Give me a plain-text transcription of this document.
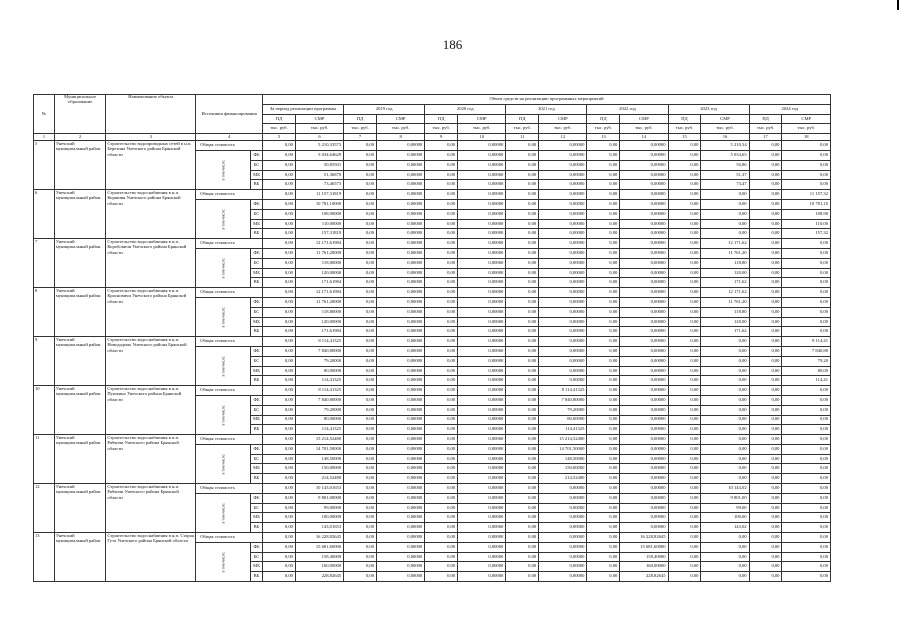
186
№	Муниципальное образование	Наименование объекта	Источники финансирования		Объем средств на реализацию программных мероприятий													
					За период реализации программы		2019 год		2020 год		2021 год		2022 год		2023 год		2024 год	
					ПД	СМР	ПД	СМР	ПД	СМР	ПД	СМР	ПД	СМР	ПД	СМР	ПД	СМР
					тыс. руб.	тыс. руб.	тыс. руб.	тыс. руб.	тыс. руб.	тыс. руб.	тыс. руб.	тыс. руб.	тыс. руб.	тыс. руб.	тыс. руб.	тыс. руб.	тыс. руб.	тыс. руб.
1	2	3	4		5	6	7	8	9	10	11	12	13	14	15	16	17	18
5	Унечский муниципальный район	Строительство водопроводных сетей в н.п. Березина Унечского района Брянской области	Общая стоимость		0,00	5 210,33573	0,00	0,00000	0,00	0,00000	0,00	0,00000	0,00	0,00000	0,00	5 210,34	0,00	0,00
			в том числе:	ФБ	0,00	5 034,64629	0,00	0,00000	0,00	0,00000	0,00	0,00000	0,00	0,00000	0,00	5 034,65	0,00	0,00
				БС	0,00	50,85501	0,00	0,00000	0,00	0,00000	0,00	0,00000	0,00	0,00000	0,00	50,86	0,00	0,00
				МБ	0,00	51,36870	0,00	0,00000	0,00	0,00000	0,00	0,00000	0,00	0,00000	0,00	51,37	0,00	0,00
				ВБ	0,00	73,46573	0,00	0,00000	0,00	0,00000	0,00	0,00000	0,00	0,00000	0,00	73,47	0,00	0,00
6	Унечский муниципальный район	Строительство водоснабжения в н.п. Коршиня Унечского района Брянской области	Общая стоимость		0,00	11 157,31819	0,00	0,00000	0,00	0,00000	0,00	0,00000	0,00	0,00000	0,00	0,00	0,00	11 157,32
			в том числе:	ФБ	0,00	10 781,10000	0,00	0,00000	0,00	0,00000	0,00	0,00000	0,00	0,00000	0,00	0,00	0,00	10 781,10
				БС	0,00	108,90000	0,00	0,00000	0,00	0,00000	0,00	0,00000	0,00	0,00000	0,00	0,00	0,00	108,90
				МБ	0,00	110,00000	0,00	0,00000	0,00	0,00000	0,00	0,00000	0,00	0,00000	0,00	0,00	0,00	110,00
				ВБ	0,00	157,31819	0,00	0,00000	0,00	0,00000	0,00	0,00000	0,00	0,00000	0,00	0,00	0,00	157,32
7	Унечский муниципальный район	Строительство водоснабжения в н.п. Коробовичи Унечского района Брянской области	Общая стоимость		0,00	12 171,61984	0,00	0,00000	0,00	0,00000	0,00	0,00000	0,00	0,00000	0,00	12 171,62	0,00	0,00
			в том числе:	ФБ	0,00	11 761,20000	0,00	0,00000	0,00	0,00000	0,00	0,00000	0,00	0,00000	0,00	11 761,20	0,00	0,00
				БС	0,00	118,80000	0,00	0,00000	0,00	0,00000	0,00	0,00000	0,00	0,00000	0,00	118,80	0,00	0,00
				МБ	0,00	120,00000	0,00	0,00000	0,00	0,00000	0,00	0,00000	0,00	0,00000	0,00	120,00	0,00	0,00
				ВБ	0,00	171,61984	0,00	0,00000	0,00	0,00000	0,00	0,00000	0,00	0,00000	0,00	171,62	0,00	0,00
8	Унечский муниципальный район	Строительство водоснабжения в н.п. Красновичи Унечского района Брянской области	Общая стоимость		0,00	12 171,61984	0,00	0,00000	0,00	0,00000	0,00	0,00000	0,00	0,00000	0,00	12 171,62	0,00	0,00
			в том числе:	ФБ	0,00	11 761,20000	0,00	0,00000	0,00	0,00000	0,00	0,00000	0,00	0,00000	0,00	11 761,20	0,00	0,00
				БС	0,00	118,80000	0,00	0,00000	0,00	0,00000	0,00	0,00000	0,00	0,00000	0,00	118,80	0,00	0,00
				МБ	0,00	120,00000	0,00	0,00000	0,00	0,00000	0,00	0,00000	0,00	0,00000	0,00	120,00	0,00	0,00
				ВБ	0,00	171,61984	0,00	0,00000	0,00	0,00000	0,00	0,00000	0,00	0,00000	0,00	171,62	0,00	0,00
9	Унечский муниципальный район	Строительство водоснабжения в н.п. Новододино Унечского района Брянской области	Общая стоимость		0,00	8 114,41325	0,00	0,00000	0,00	0,00000	0,00	0,00000	0,00	0,00000	0,00	0,00	0,00	8 114,41
			в том числе:	ФБ	0,00	7 840,80000	0,00	0,00000	0,00	0,00000	0,00	0,00000	0,00	0,00000	0,00	0,00	0,00	7 840,80
				БС	0,00	79,20000	0,00	0,00000	0,00	0,00000	0,00	0,00000	0,00	0,00000	0,00	0,00	0,00	79,20
				МБ	0,00	80,00000	0,00	0,00000	0,00	0,00000	0,00	0,00000	0,00	0,00000	0,00	0,00	0,00	80,00
				ВБ	0,00	114,41325	0,00	0,00000	0,00	0,00000	0,00	0,00000	0,00	0,00000	0,00	0,00	0,00	114,41
10	Унечский муниципальный район	Строительство водоснабжения в н.п. Пушкино Унечского района Брянской области	Общая стоимость		0,00	8 114,41325	0,00	0,00000	0,00	0,00000	0,00	8 114,41325	0,00	0,00000	0,00	0,00	0,00	0,00
			в том числе:	ФБ	0,00	7 840,80000	0,00	0,00000	0,00	0,00000	0,00	7 840,80000	0,00	0,00000	0,00	0,00	0,00	0,00
				БС	0,00	79,20000	0,00	0,00000	0,00	0,00000	0,00	79,20000	0,00	0,00000	0,00	0,00	0,00	0,00
				МБ	0,00	80,00000	0,00	0,00000	0,00	0,00000	0,00	80,00000	0,00	0,00000	0,00	0,00	0,00	0,00
				ВБ	0,00	114,41325	0,00	0,00000	0,00	0,00000	0,00	114,41325	0,00	0,00000	0,00	0,00	0,00	0,00
11	Унечский муниципальный район	Строительство водоснабжения в н.п. Рябчичи Унечского района Брянской области	Общая стоимость		0,00	15 214,52480	0,00	0,00000	0,00	0,00000	0,00	15 214,52480	0,00	0,00000	0,00	0,00	0,00	0,00
			в том числе:	ФБ	0,00	14 701,50000	0,00	0,00000	0,00	0,00000	0,00	14 701,50000	0,00	0,00000	0,00	0,00	0,00	0,00
				БС	0,00	148,50000	0,00	0,00000	0,00	0,00000	0,00	148,50000	0,00	0,00000	0,00	0,00	0,00	0,00
				МБ	0,00	150,00000	0,00	0,00000	0,00	0,00000	0,00	150,00000	0,00	0,00000	0,00	0,00	0,00	0,00
				ВБ	0,00	214,52480	0,00	0,00000	0,00	0,00000	0,00	214,52480	0,00	0,00000	0,00	0,00	0,00	0,00
12	Унечский муниципальный район	Строительство водоснабжения в н.п. Рябчичи Унечского района Брянской области	Общая стоимость		0,00	10 143,01653	0,00	0,00000	0,00	0,00000	0,00	0,00000	0,00	0,00000	0,00	10 143,02	0,00	0,00
			в том числе:	ФБ	0,00	9 801,00000	0,00	0,00000	0,00	0,00000	0,00	0,00000	0,00	0,00000	0,00	9 801,00	0,00	0,00
				БС	0,00	99,00000	0,00	0,00000	0,00	0,00000	0,00	0,00000	0,00	0,00000	0,00	99,00	0,00	0,00
				МБ	0,00	100,00000	0,00	0,00000	0,00	0,00000	0,00	0,00000	0,00	0,00000	0,00	100,00	0,00	0,00
				ВБ	0,00	143,01653	0,00	0,00000	0,00	0,00000	0,00	0,00000	0,00	0,00000	0,00	143,02	0,00	0,00
13	Унечский муниципальный район	Строительство водоснабжения в н.п. Старая Гута Унечского района Брянской области	Общая стоимость		0,00	16 228,82645	0,00	0,00000	0,00	0,00000	0,00	0,00000	0,00	16 228,82645	0,00	0,00	0,00	0,00
			в том числе:	ФБ	0,00	15 681,60000	0,00	0,00000	0,00	0,00000	0,00	0,00000	0,00	15 681,60000	0,00	0,00	0,00	0,00
				БС	0,00	158,40000	0,00	0,00000	0,00	0,00000	0,00	0,00000	0,00	158,40000	0,00	0,00	0,00	0,00
				МБ	0,00	160,00000	0,00	0,00000	0,00	0,00000	0,00	0,00000	0,00	160,00000	0,00	0,00	0,00	0,00
				ВБ	0,00	228,82645	0,00	0,00000	0,00	0,00000	0,00	0,00000	0,00	228,82645	0,00	0,00	0,00	0,00
